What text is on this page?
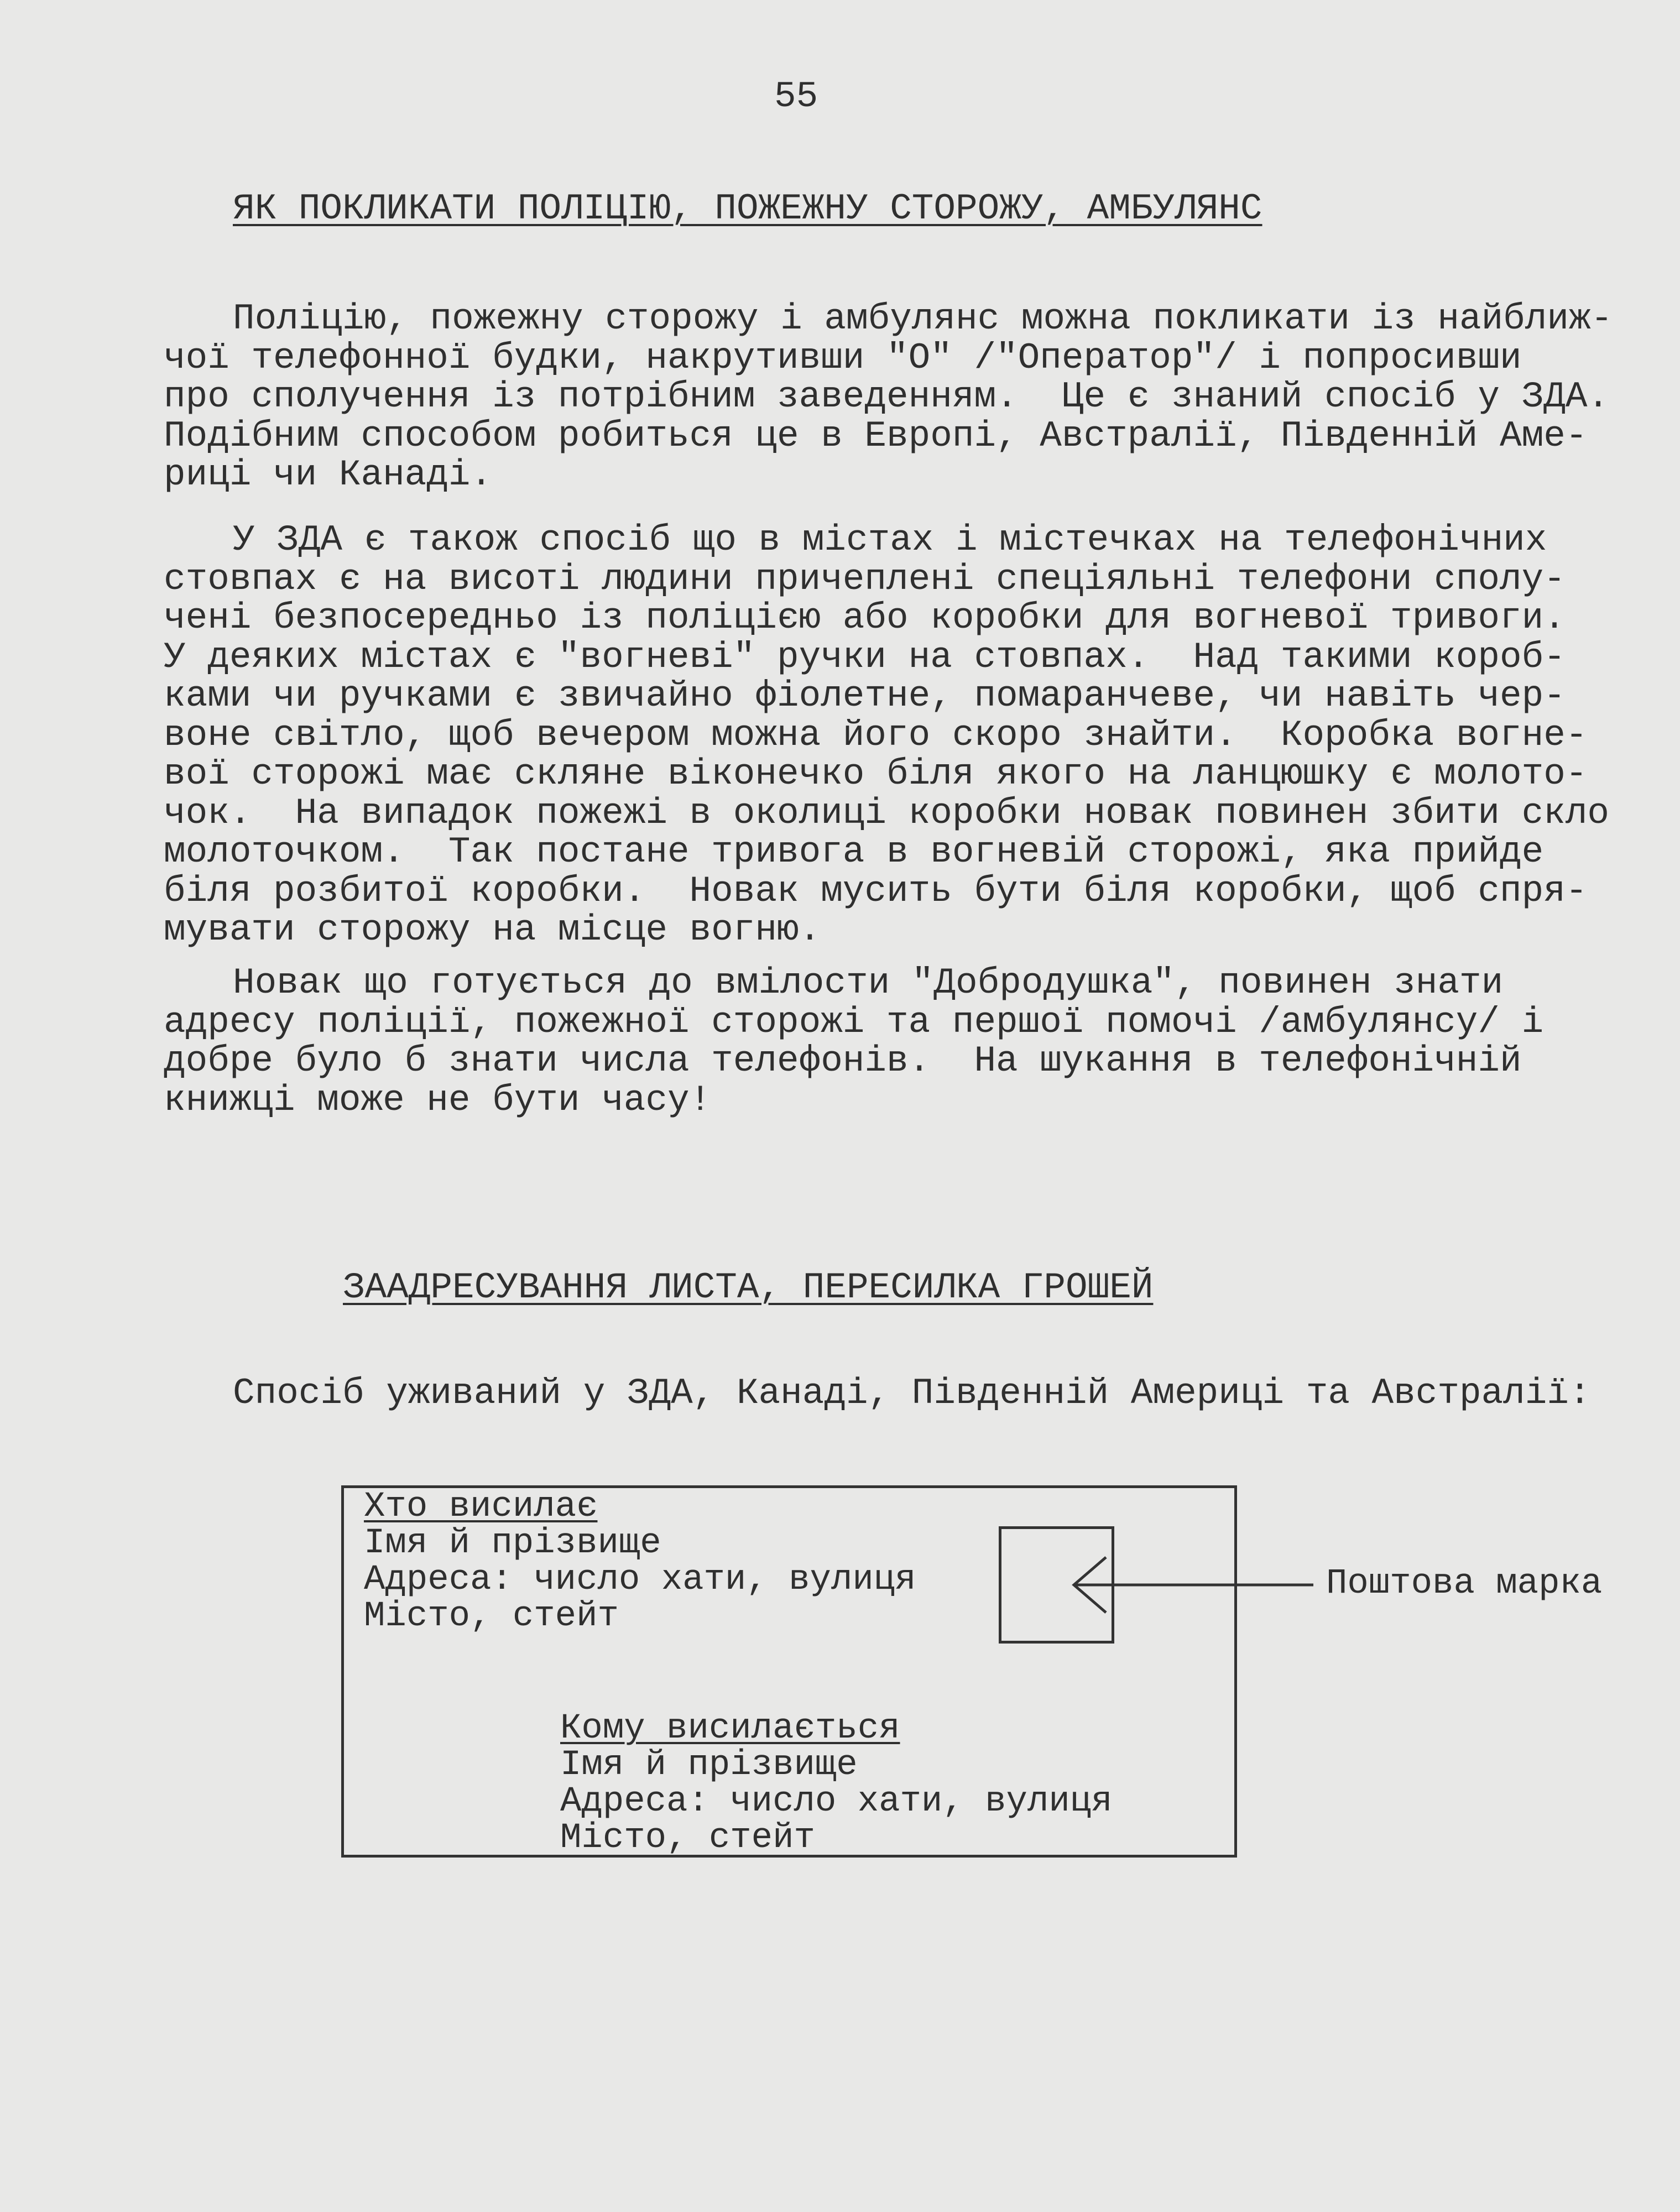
55
ЯК ПОКЛИКАТИ ПОЛІЦІЮ, ПОЖЕЖНУ СТОРОЖУ, АМБУЛЯНС
Поліцію, пожежну сторожу і амбулянс можна покликати із найближ-
чої телефонної будки, накрутивши "О" /"Оператор"/ і попросивши
про сполучення із потрібним заведенням.  Це є знаний спосіб у ЗДА.
Подібним способом робиться це в Европі, Австралії, Південній Аме-
риці чи Канаді.
У ЗДА є також спосіб що в містах і містечках на телефонічних
стовпах є на висоті людини причеплені спеціяльні телефони сполу-
чені безпосередньо із поліцією або коробки для вогневої тривоги.
У деяких містах є "вогневі" ручки на стовпах.  Над такими короб-
ками чи ручками є звичайно фіолетне, помаранчеве, чи навіть чер-
воне світло, щоб вечером можна його скоро знайти.  Коробка вогне-
вої сторожі має скляне віконечко біля якого на ланцюшку є молото-
чок.  На випадок пожежі в околиці коробки новак повинен збити скло
молоточком.  Так постане тривога в вогневій сторожі, яка прийде
біля розбитої коробки.  Новак мусить бути біля коробки, щоб спря-
мувати сторожу на місце вогню.
Новак що готується до вмілости "Добродушка", повинен знати
адресу поліції, пожежної сторожі та першої помочі /амбулянсу/ і
добре було б знати числа телефонів.  На шукання в телефонічній
книжці може не бути часу!
ЗААДРЕСУВАННЯ ЛИСТА, ПЕРЕСИЛКА ГРОШЕЙ
Спосіб уживаний у ЗДА, Канаді, Південній Америці та Австралії:
Хто висилає
Імя й прізвище
Адреса: число хати, вулиця
Місто, стейт
Кому висилається
Імя й прізвище
Адреса: число хати, вулиця
Місто, стейт
Поштова марка
